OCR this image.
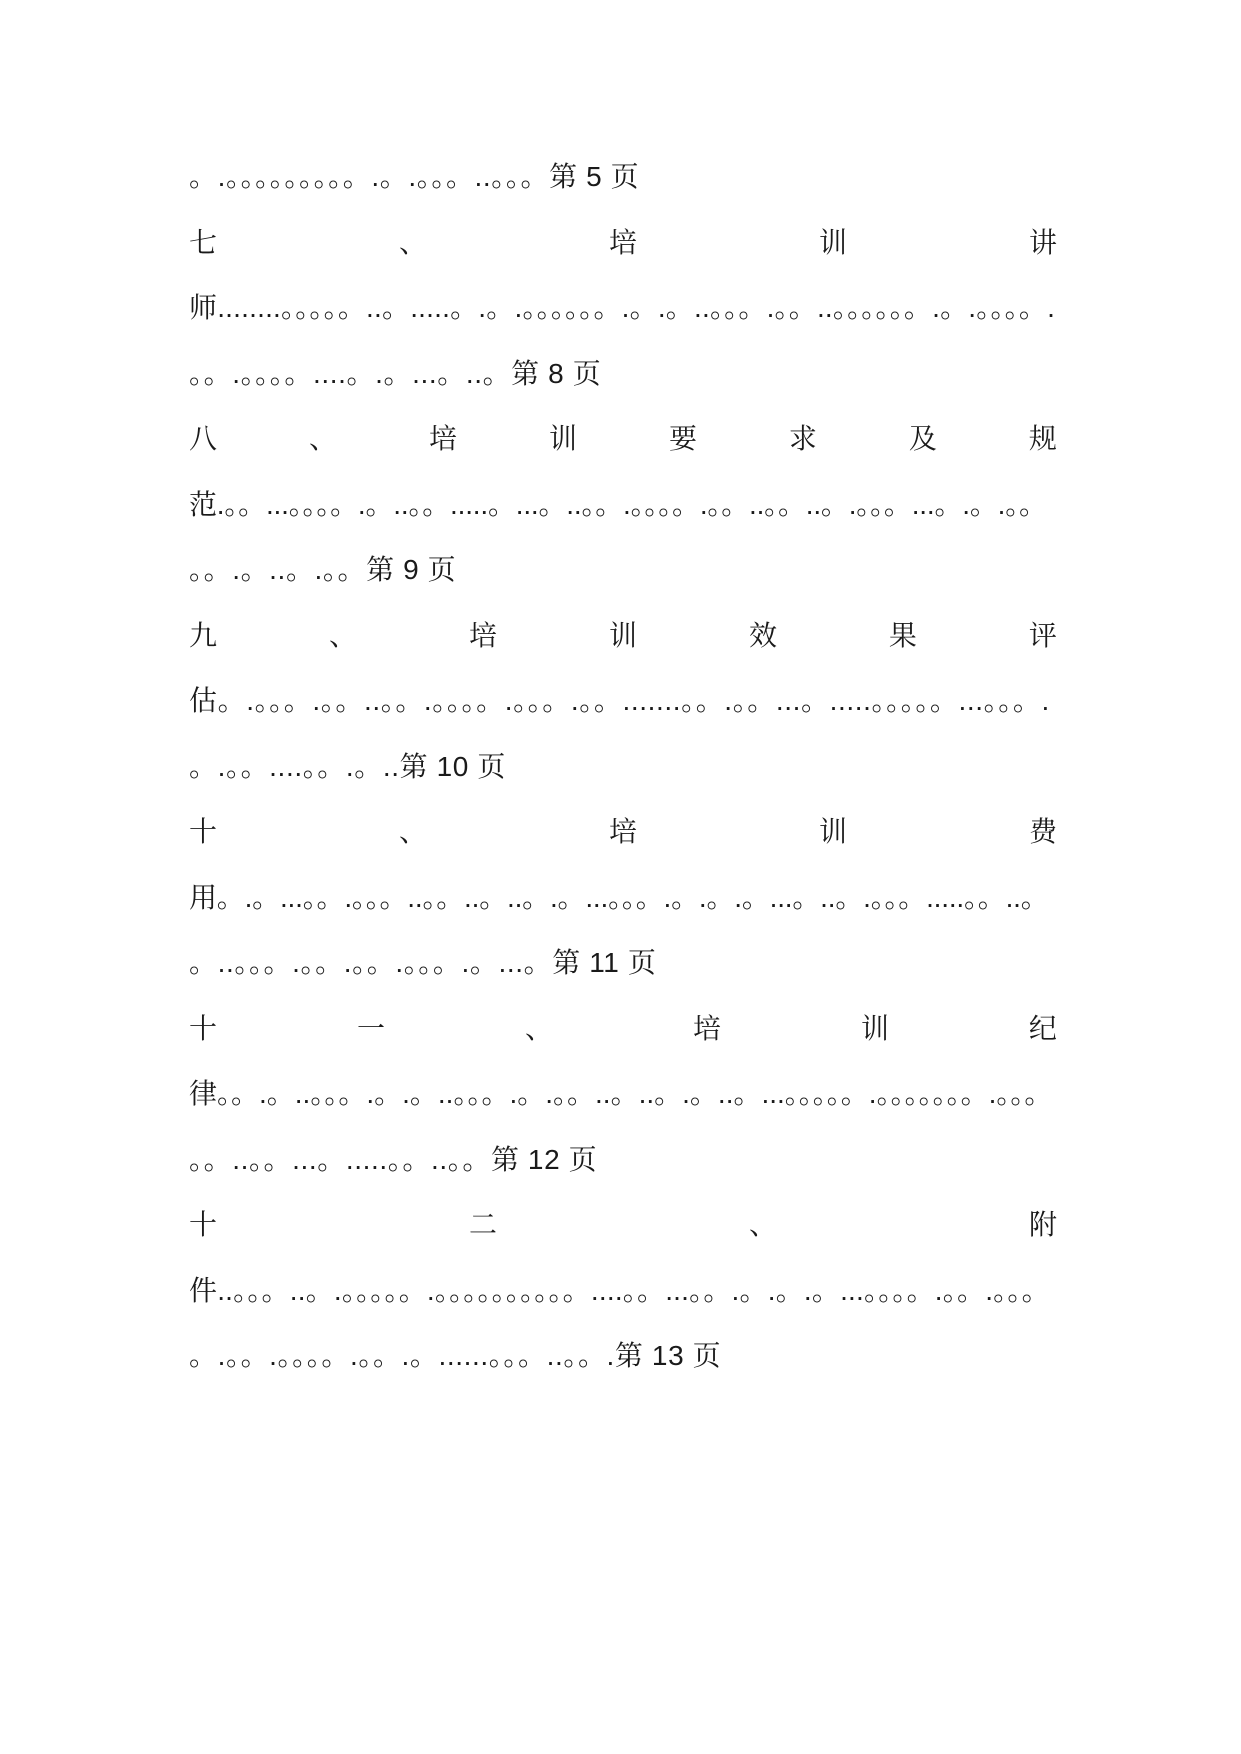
。.。。。。。。。。。.。.。。。..。。。第 5 页
七	、	培	训	讲
师........。。。。。..。.....。.。.。。。。。。.。.。..。。。.。。..。。。。。。.。.。。。。.
。。.。。。。....。.。...。..。第 8 页
八	、	培	训	要	求	及	规
范.。。...。。。。.。..。。.....。...。..。。.。。。。.。。..。。..。.。。。...。.。.。。
。。.。..。.。。第 9 页
九	、	培	训	效	果	评
估。.。。。.。。..。。.。。。。.。。。.。。.......。。.。。...。.....。。。。。...。。。.
。.。。....。。.。..第 10 页
十	、	培	训	费
用。.。...。。.。。。..。。..。..。.。...。。。.。.。.。...。..。.。。。.....。。..。
。..。。。.。。.。。.。。。.。...。第 11 页
十	一	、	培	训	纪
律。。.。..。。。.。.。..。。。.。.。。..。..。.。..。...。。。。。.。。。。。。。.。。。
。。..。。...。.....。。..。。第 12 页
十	二	、	附
件..。。。..。.。。。。。.。。。。。。。。。。....。。...。。.。.。.。...。。。。.。。.。。。
。.。。.。。。。.。。.。......。。。..。。.第 13 页
